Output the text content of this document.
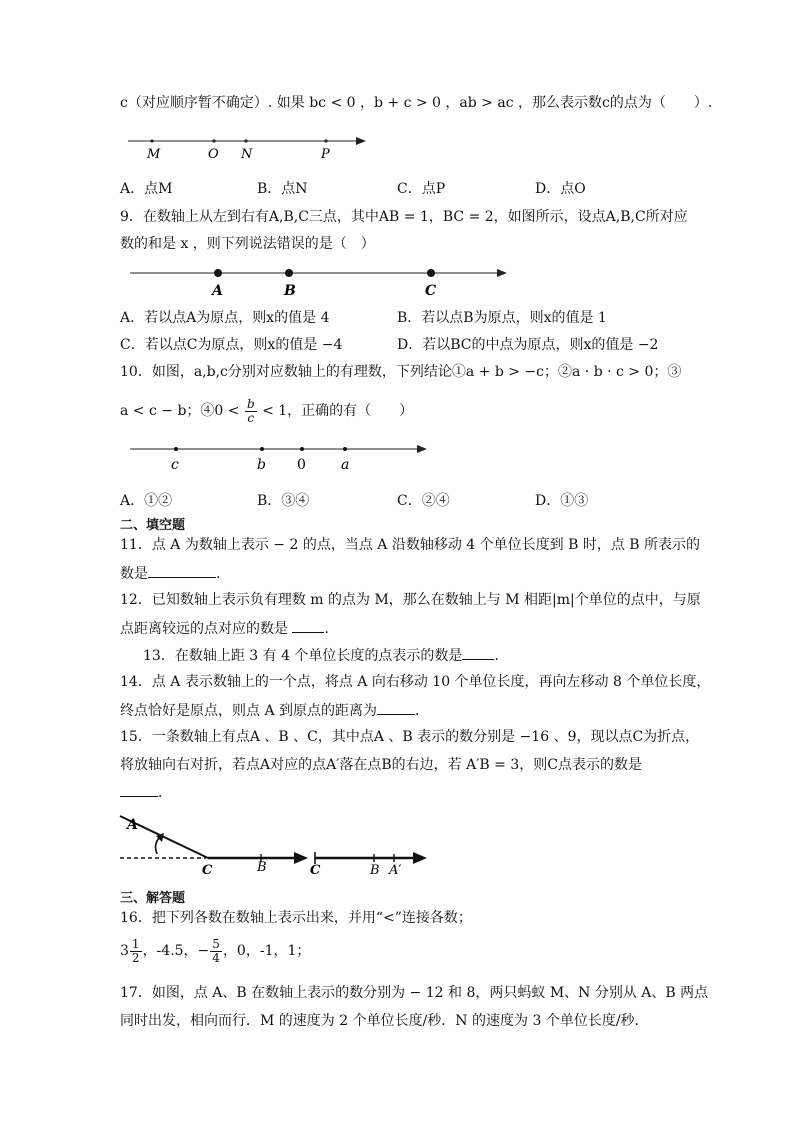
c（对应顺序暂不确定）. 如果 bc < 0 ，b + c > 0 ，ab > ac ，那么表示数c的点为（　　）.
M	O N	P
A	B	C
c	b 0	a
A
C	B	C	B A′
A．点M	B．点N	C．点P	D．点O
9．在数轴上从左到右有A,B,C三点，其中AB = 1，BC = 2，如图所示，设点A,B,C所对应
数的和是 x ，则下列说法错误的是（　）
A．若以点A为原点，则x的值是 4	B．若以点B为原点，则x的值是 1
C．若以点C为原点，则x的值是 −4	D．若以BC的中点为原点，则x的值是 −2
10．如图，a,b,c分别对应数轴上的有理数，下列结论①a + b > −c；②a · b · c > 0；③
a < c − b；④0 < $\frac{b}{c} < 1$，正确的有（　　）
A．①②	B．③④	C．②④	D．①③
二、填空题
11．点 A 为数轴上表示 − 2 的点，当点 A 沿数轴移动 4 个单位长度到 B 时，点 B 所表示的
数是	.
12．已知数轴上表示负有理数 m 的点为 M，那么在数轴上与 M 相距|m|个单位的点中，与原
点距离较远的点对应的数是	．
13．在数轴上距 3 有 4 个单位长度的点表示的数是 ．
14．点 A 表示数轴上的一个点，将点 A 向右移动 10 个单位长度，再向左移动 8 个单位长度，
终点恰好是原点，则点 A 到原点的距离为	．
15．一条数轴上有点A 、B 、C，其中点A 、B 表示的数分别是 −16 、9，现以点C为折点，
将放轴向右对折，若点A对应的点A′落在点B的右边，若 A′B = 3，则C点表示的数是
．
三、解答题
16．把下列各数在数轴上表示出来，并用“<”连接各数；
$3 \frac{1}{2}$ ，-4.5，− $\frac{5}{4}$ ，0，-1，1；
17．如图，点 A、B 在数轴上表示的数分别为 − 12 和 8，两只蚂蚁 M、N 分别从 A、B 两点
同时出发，相向而行．M 的速度为 2 个单位长度/秒．N 的速度为 3 个单位长度/秒．
